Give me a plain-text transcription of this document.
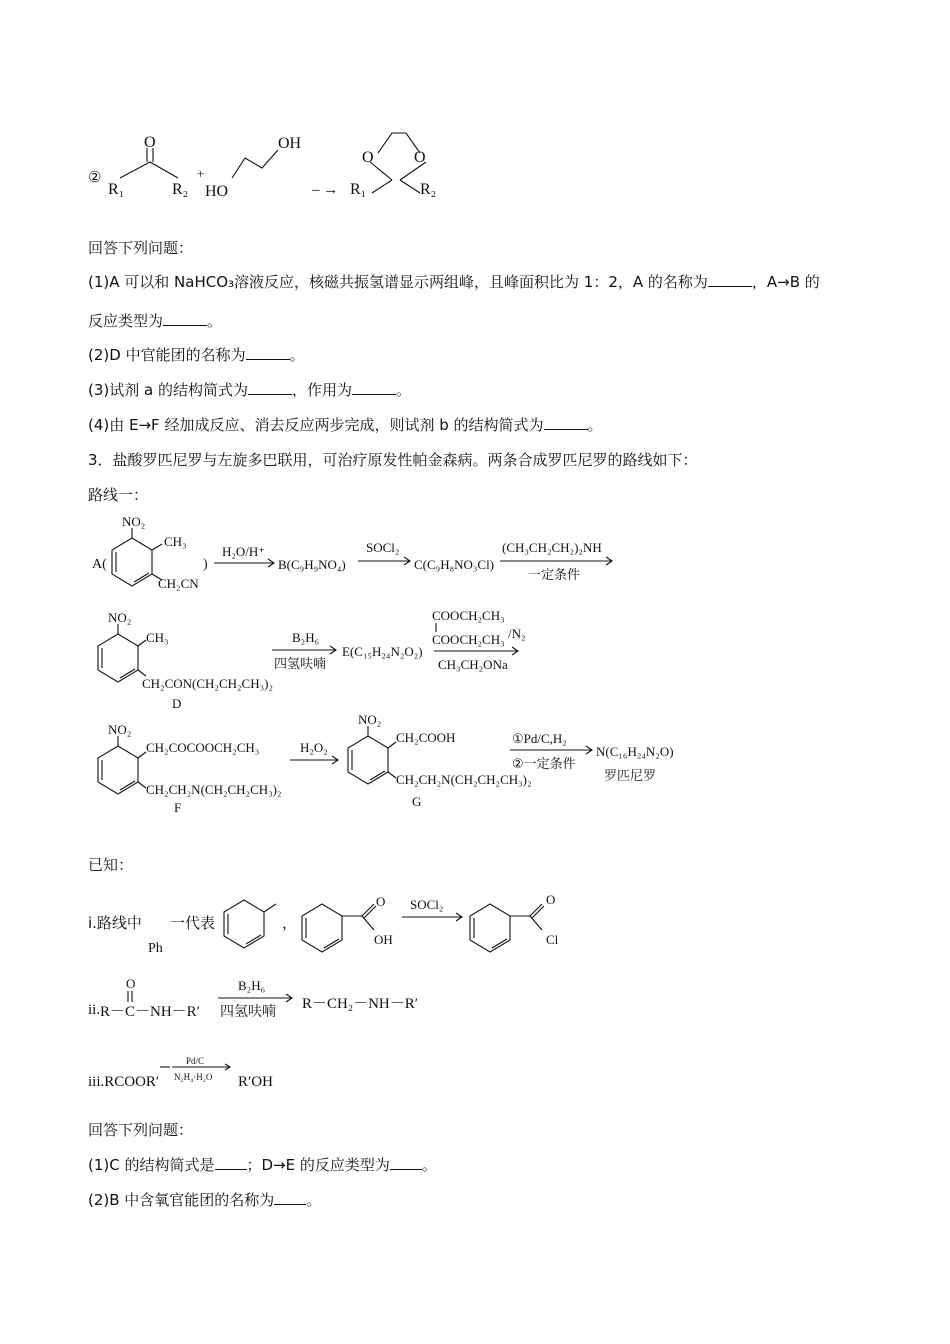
②
O
R₁	R₂
+
OH
HO	– →
O	O
R₁	R₂
回答下列问题：
(1)A 可以和 NaHCO₃溶液反应，核磁共振氢谱显示两组峰，且峰面积比为 1：2，A 的名称为	，A→B 的
反应类型为	。
(2)D 中官能团的名称为	。
(3)试剂 a 的结构简式为	，作用为	。
(4)由 E→F 经加成反应、消去反应两步完成，则试剂 b 的结构简式为	。
3．盐酸罗匹尼罗与左旋多巴联用，可治疗原发性帕金森病。两条合成罗匹尼罗的路线如下：
路线一：
A(
NO₂
CH₃
CH₂CN
)
H₂O/H⁺
B(C₉H₉NO₄)
SOCl₂
C(C₉H₈NO₃Cl)
(CH₃CH₂CH₂)₂NH
一定条件
NO₂
CH₃
CH₂CON(CH₂CH₂CH₃)₂
D
B₂H₆
四氢呋喃
E(C₁₅H₂₄N₂O₂)
COOCH₂CH₃
COOCH₂CH₃ /N₂
CH₃CH₂ONa
NO₂
CH₂COCOOCH₂CH₃
CH₂CH₂N(CH₂CH₂CH₃)₂
F
H₂O₂
NO₂
CH₂COOH
CH₂CH₂N(CH₂CH₂CH₃)₂
G
①Pd/C,H₂
②一定条件
N(C₁₆H₂₄N₂O)
罗匹尼罗
已知：
i.路线中
Ph
一代表	，
O
OH
SOCl₂	O
Cl
ii. R－C－NH－R′
O	B₂H₆
四氢呋喃 R－CH₂－NH－R′
iii.RCOOR′
Pd/C
N₂H₄·H₂O R′OH
回答下列问题：
(1)C 的结构简式是 ；D→E 的反应类型为 。
(2)B 中含氧官能团的名称为 。
